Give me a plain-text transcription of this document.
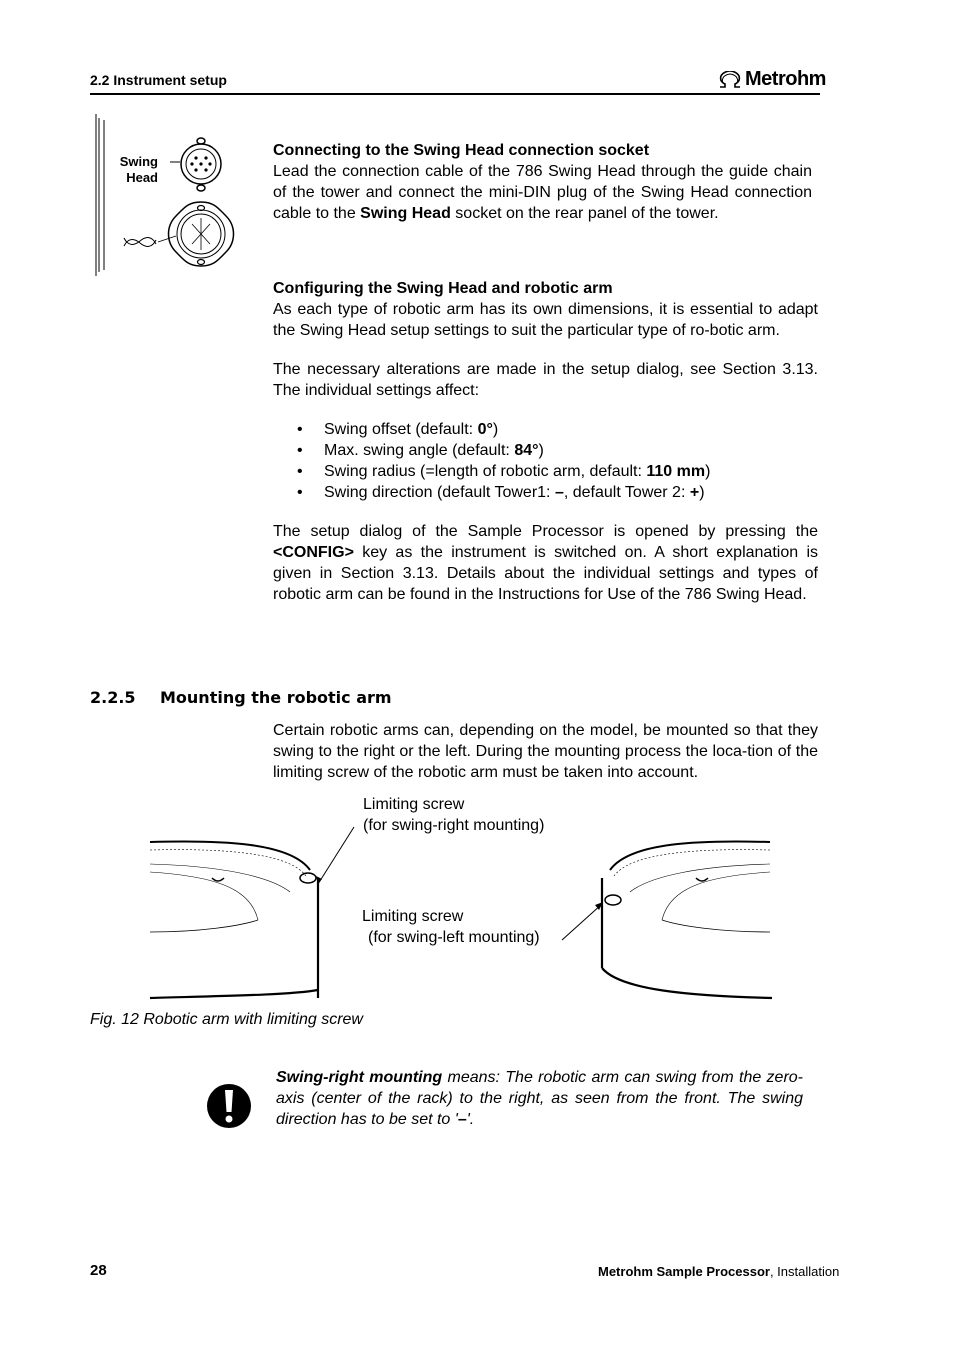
2.2 Instrument setup	Metrohm
Swing
Head
Connecting to the Swing Head connection socket

Lead the connection cable of the 786 Swing Head through the guide chain of the tower and connect the mini-DIN plug of the Swing Head connection cable to the Swing Head socket on the rear panel of the tower.

Configuring the Swing Head and robotic arm

As each type of robotic arm has its own dimensions, it is essential to adapt the Swing Head setup settings to suit the particular type of ro-botic arm.

The necessary alterations are made in the setup dialog, see Section 3.13. The individual settings affect:

• Swing offset (default: 0°)
• Max. swing angle (default: 84°)
• Swing radius (=length of robotic arm, default: 110 mm)
• Swing direction (default Tower1: –, default Tower 2: +)

The setup dialog of the Sample Processor is opened by pressing the <CONFIG> key as the instrument is switched on. A short explanation is given in Section 3.13. Details about the individual settings and types of robotic arm can be found in the Instructions for Use of the 786 Swing Head.

2.2.5 Mounting the robotic arm
Certain robotic arms can, depending on the model, be mounted so that they swing to the right or the left. During the mounting process the loca-tion of the limiting screw of the robotic arm must be taken into account.
Limiting screw
(for swing-right mounting)
Limiting screw
(for swing-left mounting)
Fig. 12 Robotic arm with limiting screw
Swing-right mounting means: The robotic arm can swing from the zero-axis (center of the rack) to the right, as seen from the front. The swing direction has to be set to '–'.
28	Metrohm Sample Processor, Installation
